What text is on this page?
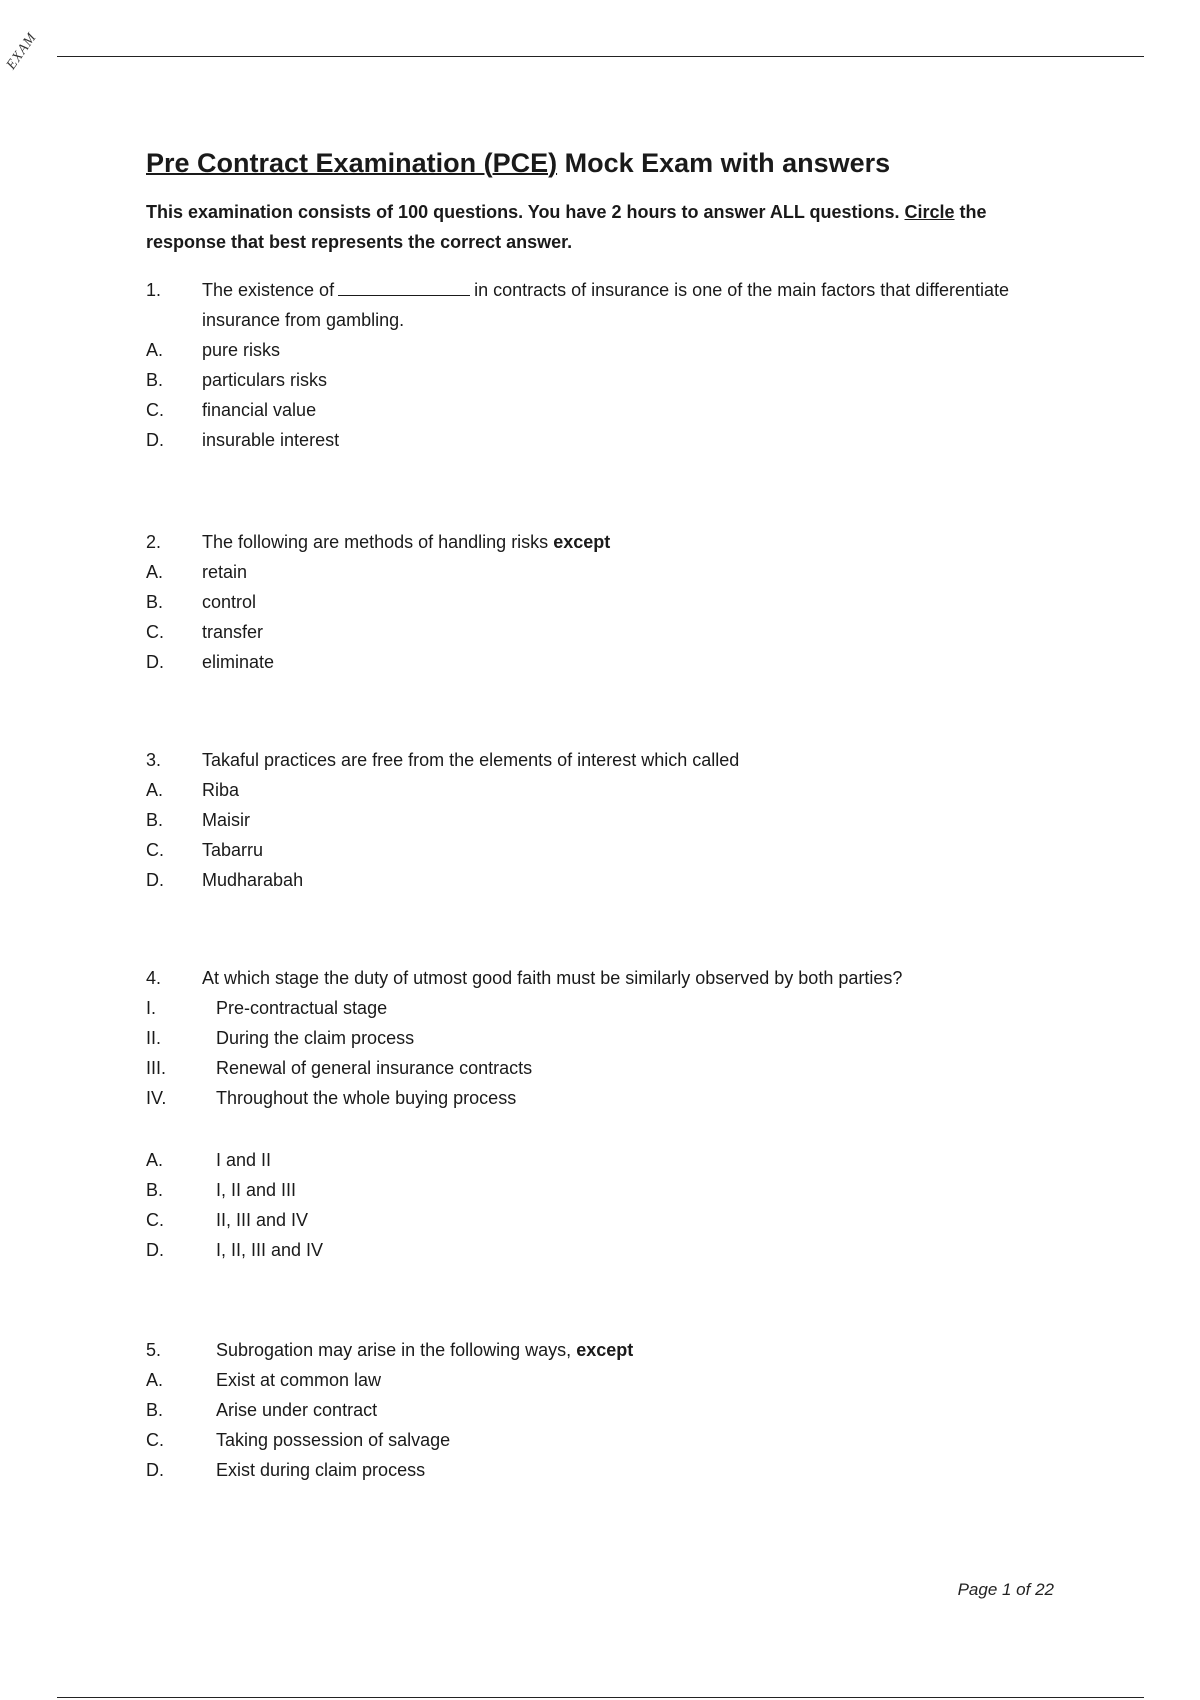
EXAM
Pre Contract Examination (PCE) Mock Exam with answers
This examination consists of 100 questions. You have 2 hours to answer ALL questions. Circle the response that best represents the correct answer.
1.	The existence of	in contracts of insurance is one of the main factors that differentiate insurance from gambling.
A.	pure risks
B.	particulars risks
C.	financial value
D.	insurable interest
2.	The following are methods of handling risks except
A.	retain
B.	control
C.	transfer
D.	eliminate
3.	Takaful practices are free from the elements of interest which called
A.	Riba
B.	Maisir
C.	Tabarru
D.	Mudharabah
4.	At which stage the duty of utmost good faith must be similarly observed by both parties?
I.	Pre-contractual stage
II.	During the claim process
III.	Renewal of general insurance contracts
IV.	Throughout the whole buying process
A.	I and II
B.	I, II and III
C.	II, III and IV
D.	I, II, III and IV
5.	Subrogation may arise in the following ways, except
A.	Exist at common law
B.	Arise under contract
C.	Taking possession of salvage
D.	Exist during claim process
Page 1 of 22
